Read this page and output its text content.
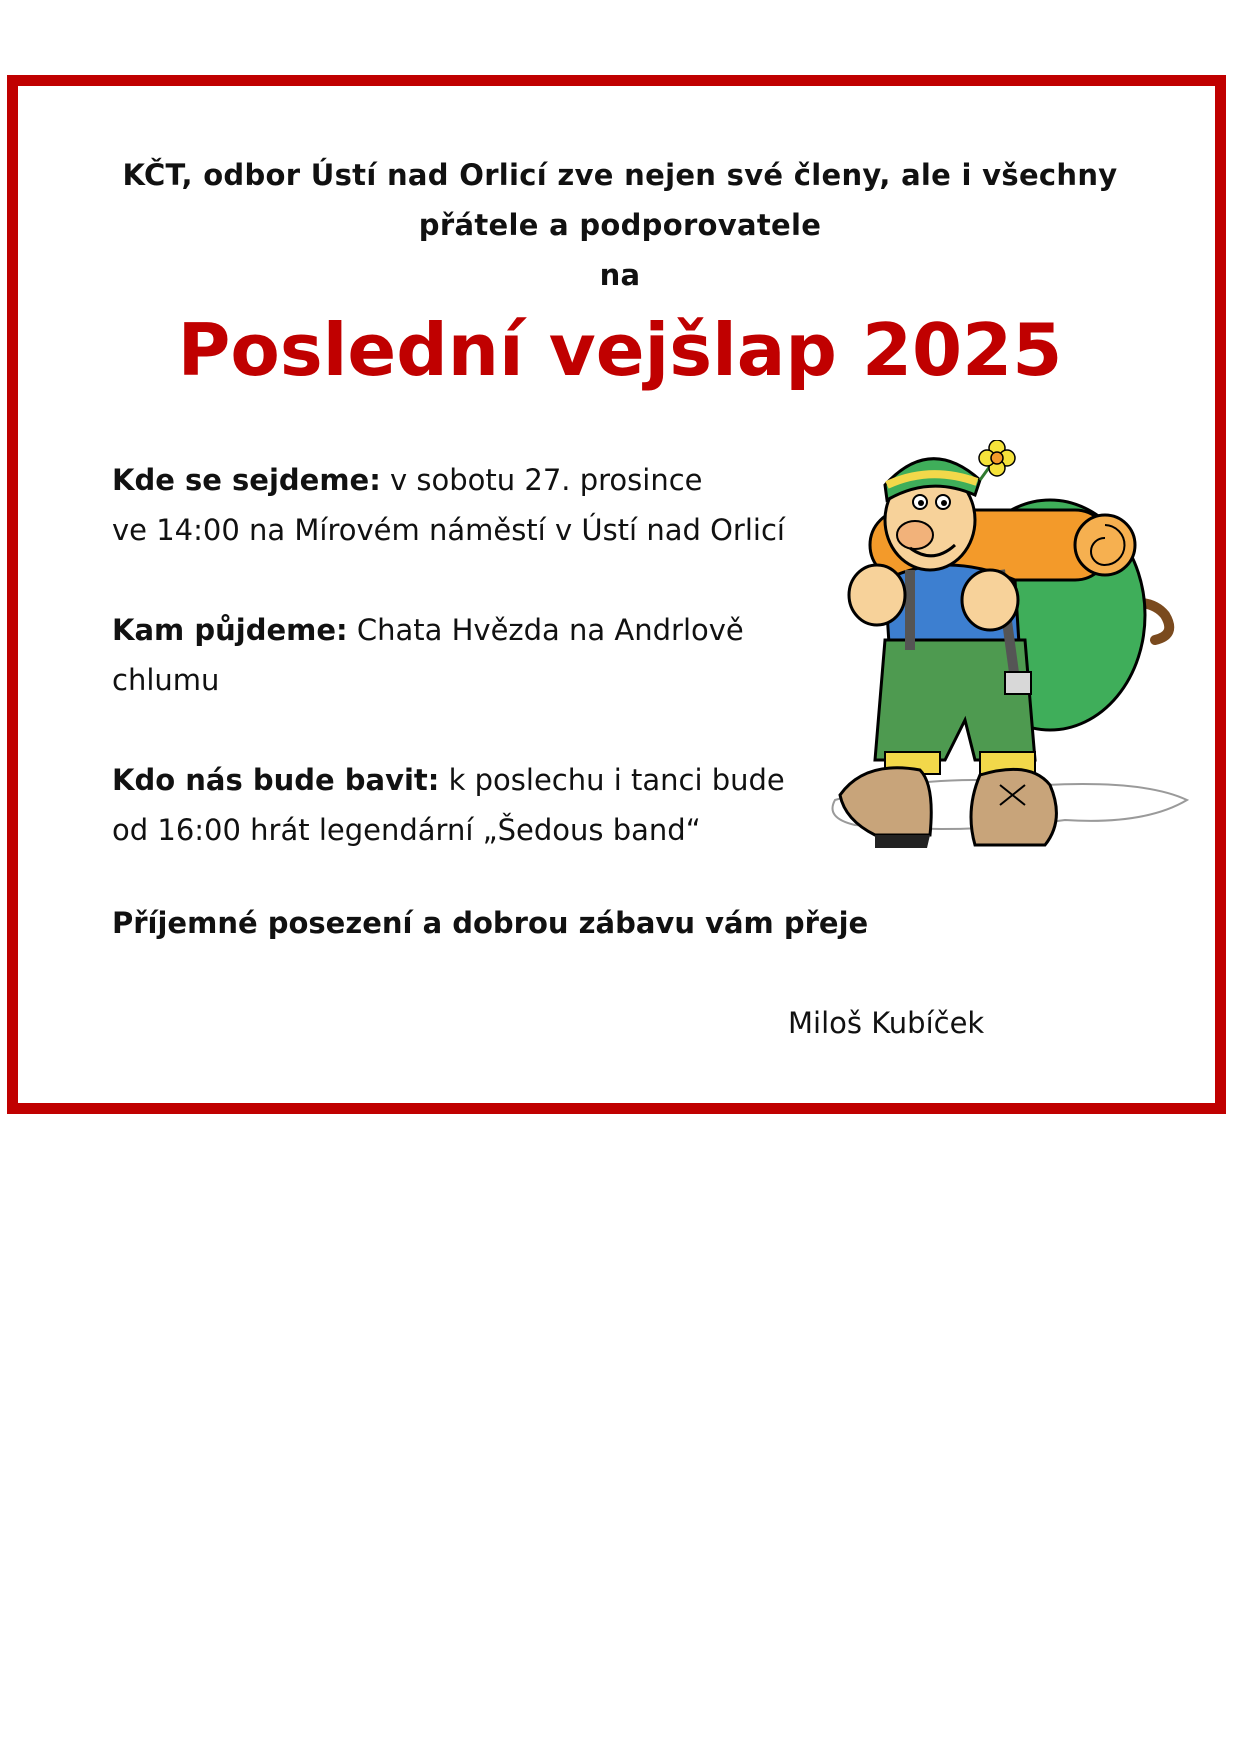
KČT, odbor Ústí nad Orlicí zve nejen své členy, ale i všechny
přátele a podporovatele
na
Poslední vejšlap 2025
Kde se sejdeme: v sobotu 27. prosince
ve 14:00 na Mírovém náměstí v Ústí nad Orlicí
Kam půjdeme: Chata Hvězda na Andrlově
chlumu
Kdo nás bude bavit: k poslechu i tanci bude
od 16:00 hrát legendární „Šedous band“
Příjemné posezení a dobrou zábavu vám přeje
Miloš Kubíček
